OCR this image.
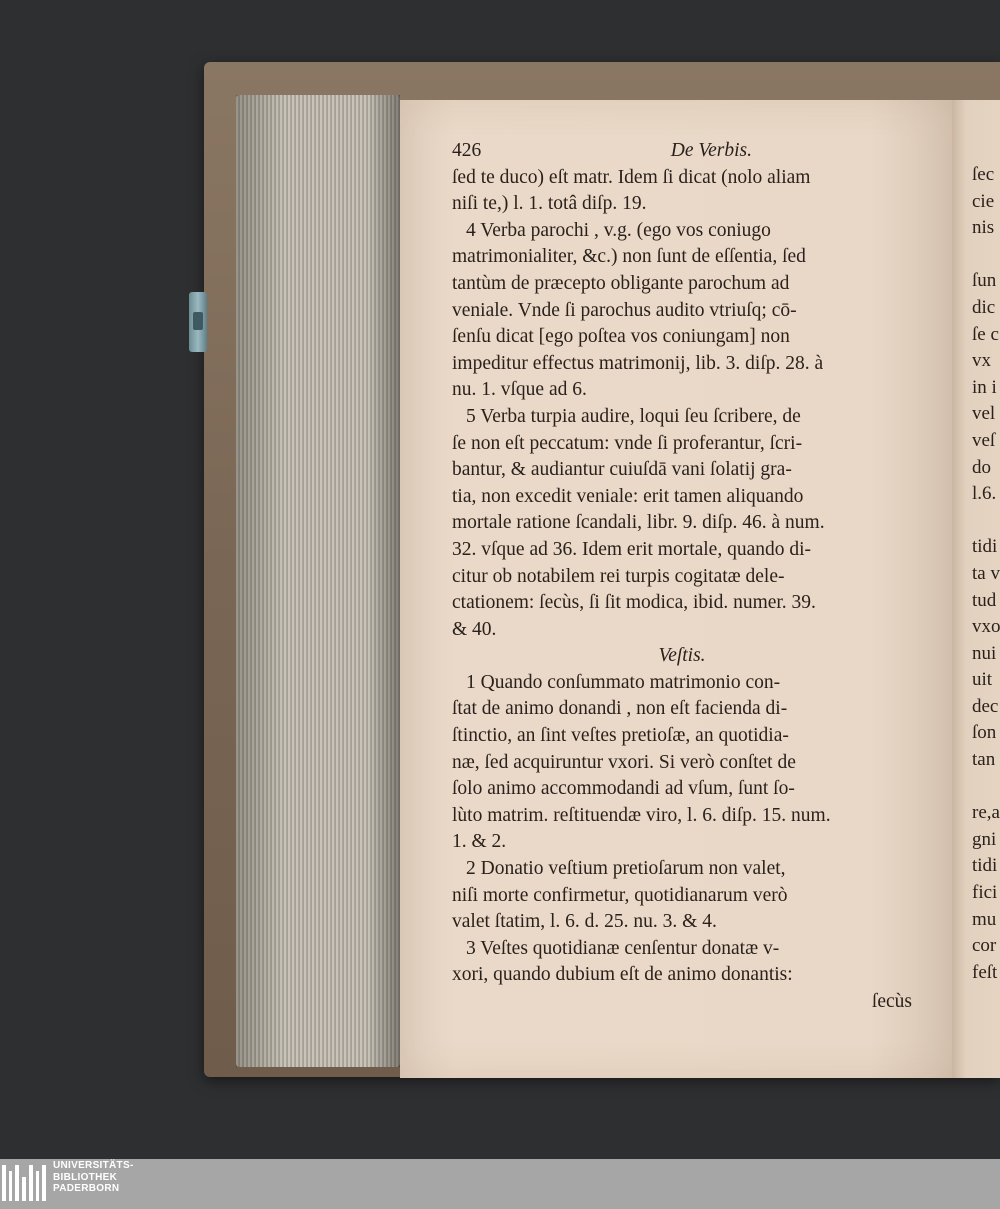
426	De Verbis.
ſed te duco) eſt matr. Idem ſi dicat (nolo aliam
niſi te,) l. 1. totâ diſp. 19.
4 Verba parochi , v.g. (ego vos coniugo
matrimonialiter, &c.) non ſunt de eſſentia, ſed
tantùm de præcepto obligante parochum ad
veniale. Vnde ſi parochus audito vtriuſq; cō-
ſenſu dicat [ego poſtea vos coniungam] non
impeditur effectus matrimonij, lib. 3. diſp. 28. à
nu. 1. vſque ad 6.
5 Verba turpia audire, loqui ſeu ſcribere, de
ſe non eſt peccatum: vnde ſi proferantur, ſcri-
bantur, & audiantur cuiuſdā vani ſolatij gra-
tia, non excedit veniale: erit tamen aliquando
mortale ratione ſcandali, libr. 9. diſp. 46. à num.
32. vſque ad 36. Idem erit mortale, quando di-
citur ob notabilem rei turpis cogitatæ dele-
ctationem: ſecùs, ſi ſit modica, ibid. numer. 39.
& 40.
Veſtis.
1 Quando conſummato matrimonio con-
ſtat de animo donandi , non eſt facienda di-
ſtinctio, an ſint veſtes pretioſæ, an quotidia-
næ, ſed acquiruntur vxori. Si verò conſtet de
ſolo animo accommodandi ad vſum, ſunt ſo-
lùto matrim. reſtituendæ viro, l. 6. diſp. 15. num.
1. & 2.
2 Donatio veſtium pretioſarum non valet,
niſi morte confirmetur, quotidianarum verò
valet ſtatim, l. 6. d. 25. nu. 3. & 4.
3 Veſtes quotidianæ cenſentur donatæ v-
xori, quando dubium eſt de animo donantis:
ſecùs
ſec
cie
nis
ſun
dic
ſe c
vx
in i
vel
veſ
do
l.6.
tidi
ta v
tud
vxo
nui
uit
dec
ſon
tan
re,a
gni
tidi
fici
mu
cor
feſt
UNIVERSITÄTS-
BIBLIOTHEK
PADERBORN
